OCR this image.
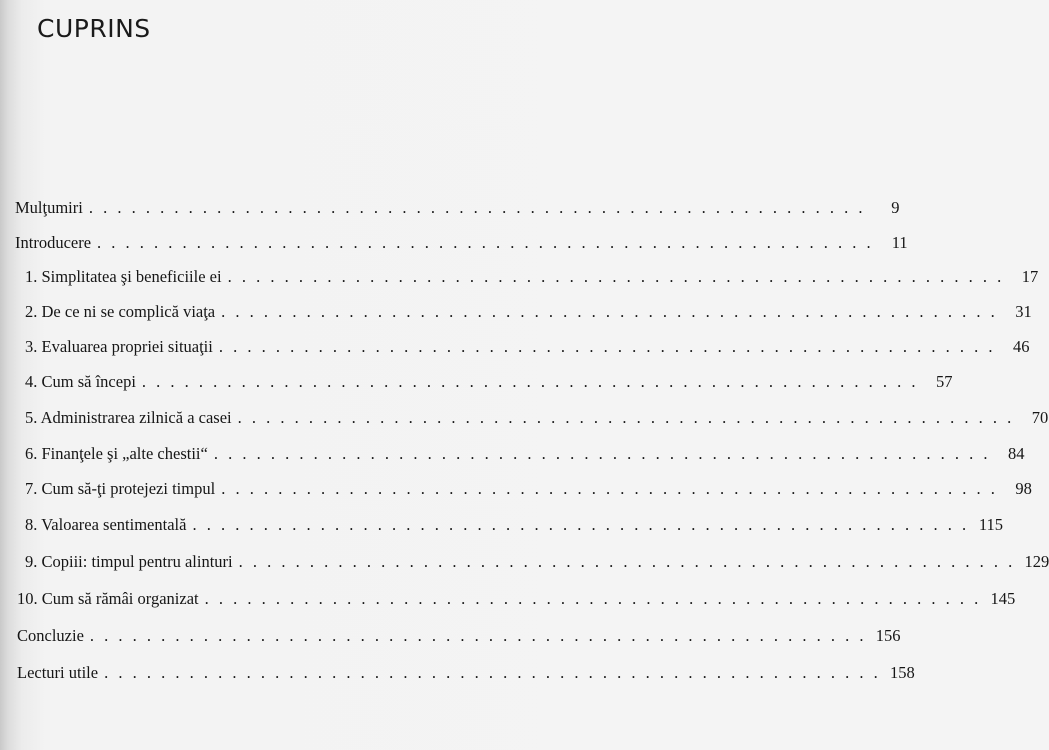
CUPRINS
Mulţumiri . . . . . . . . . . . . . . . . . . . . . . . . . . . . . . . . . . . . . . . . . . . . . . . . . . . . . . .	9
Introducere . . . . . . . . . . . . . . . . . . . . . . . . . . . . . . . . . . . . . . . . . . . . . . . . . . . . . . .	11
1. Simplitatea şi beneficiile ei . . . . . . . . . . . . . . . . . . . . . . . . . . . . . . . . . . . . . . . . . . . . . . . . . . . . . . .	17
2. De ce ni se complică viaţa . . . . . . . . . . . . . . . . . . . . . . . . . . . . . . . . . . . . . . . . . . . . . . . . . . . . . . .	31
3. Evaluarea propriei situaţii . . . . . . . . . . . . . . . . . . . . . . . . . . . . . . . . . . . . . . . . . . . . . . . . . . . . . . .	46
4. Cum să începi . . . . . . . . . . . . . . . . . . . . . . . . . . . . . . . . . . . . . . . . . . . . . . . . . . . . . . .	57
5. Administrarea zilnică a casei . . . . . . . . . . . . . . . . . . . . . . . . . . . . . . . . . . . . . . . . . . . . . . . . . . . . . . .	70
6. Finanţele şi „alte chestii“ . . . . . . . . . . . . . . . . . . . . . . . . . . . . . . . . . . . . . . . . . . . . . . . . . . . . . . .	84
7. Cum să-ţi protejezi timpul . . . . . . . . . . . . . . . . . . . . . . . . . . . . . . . . . . . . . . . . . . . . . . . . . . . . . . .	98
8. Valoarea sentimentală . . . . . . . . . . . . . . . . . . . . . . . . . . . . . . . . . . . . . . . . . . . . . . . . . . . . . . . 115
9. Copiii: timpul pentru alinturi . . . . . . . . . . . . . . . . . . . . . . . . . . . . . . . . . . . . . . . . . . . . . . . . . . . . . . . 129
10. Cum să rămâi organizat . . . . . . . . . . . . . . . . . . . . . . . . . . . . . . . . . . . . . . . . . . . . . . . . . . . . . . . 145
Concluzie . . . . . . . . . . . . . . . . . . . . . . . . . . . . . . . . . . . . . . . . . . . . . . . . . . . . . . . 156
Lecturi utile . . . . . . . . . . . . . . . . . . . . . . . . . . . . . . . . . . . . . . . . . . . . . . . . . . . . . . . 158
